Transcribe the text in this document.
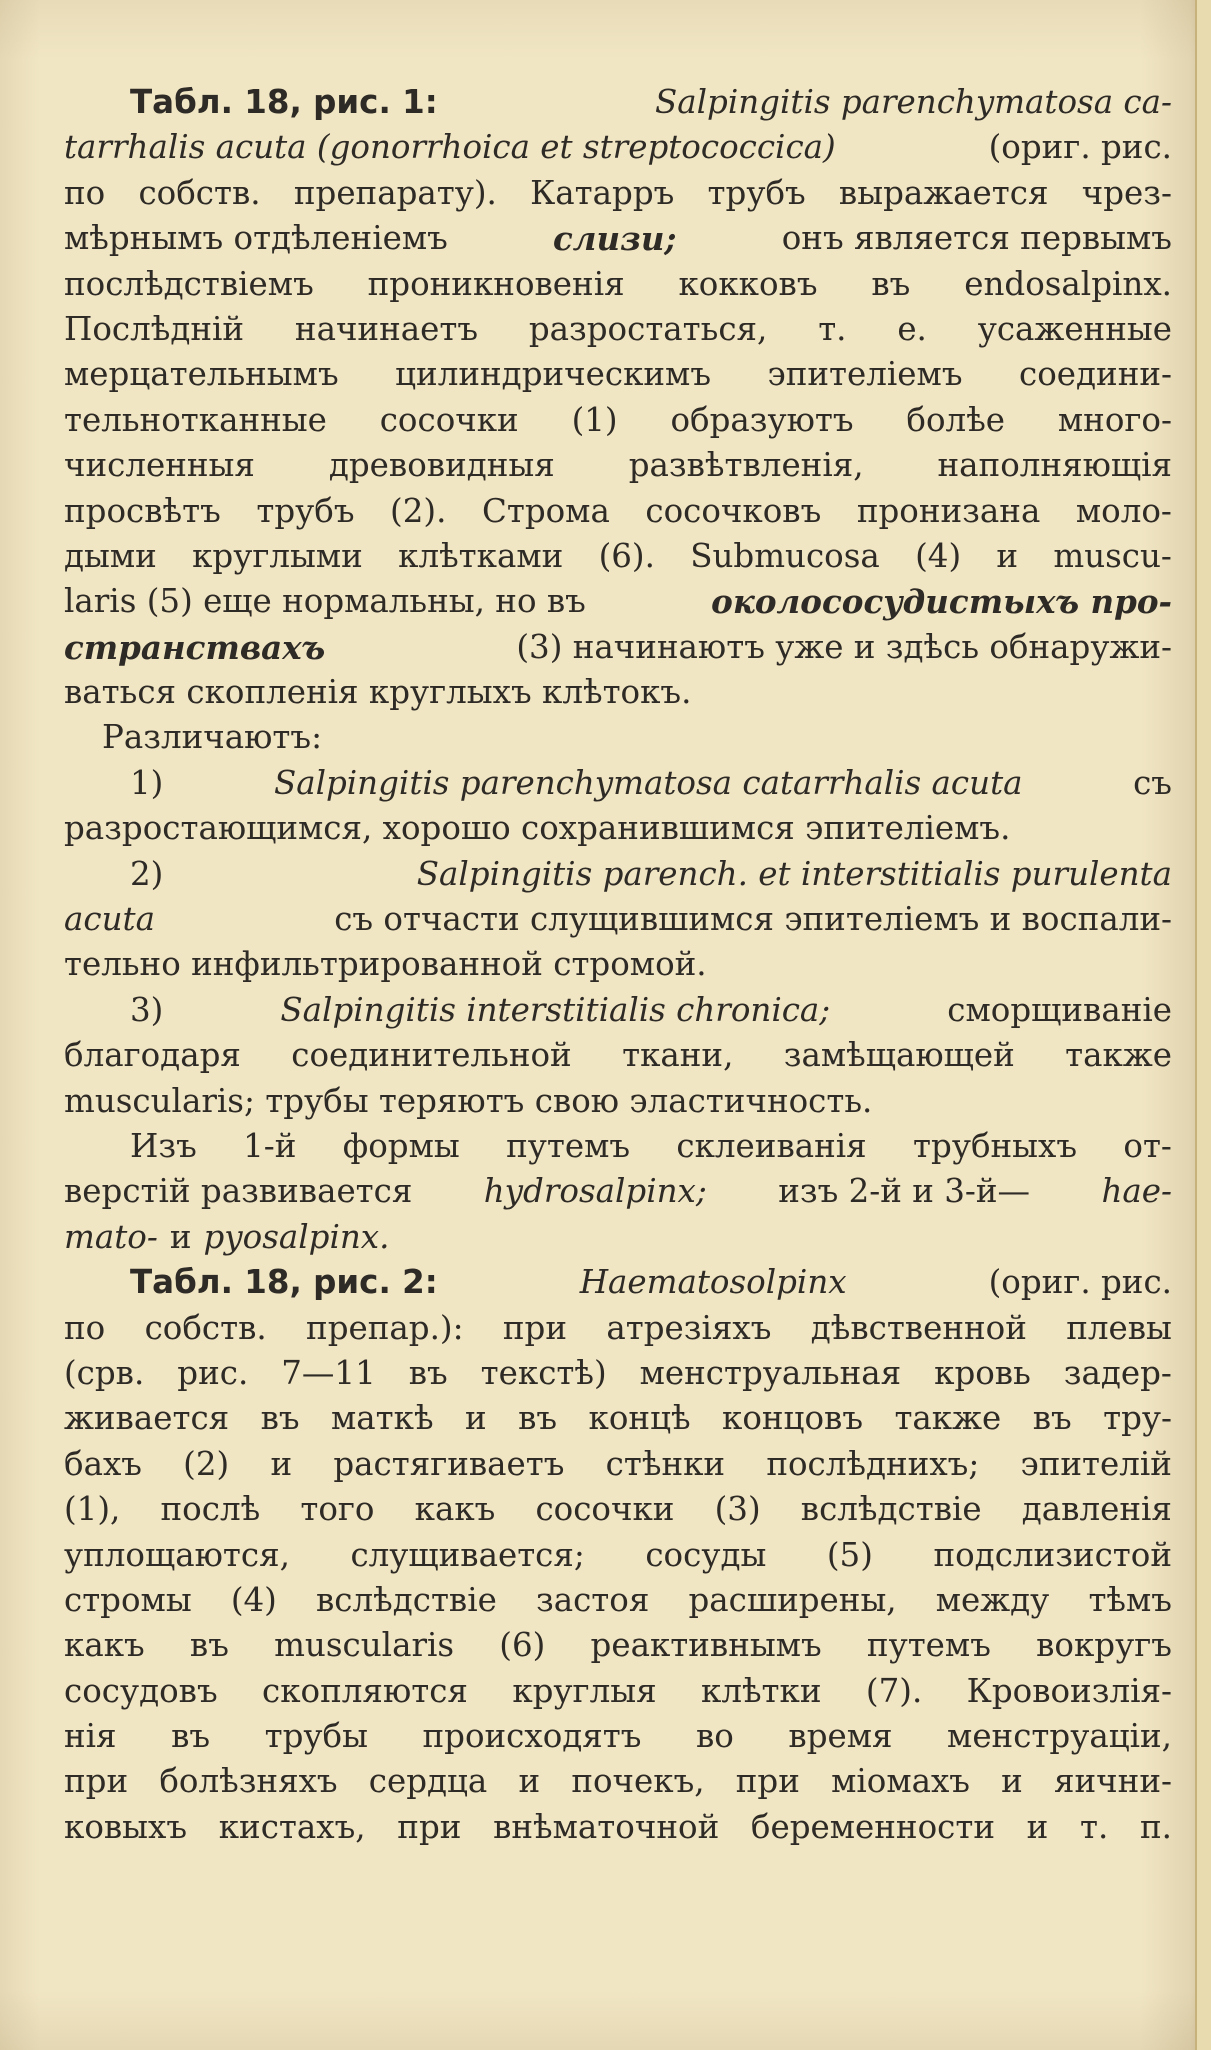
Табл. 18, рис. 1:	Salpingitis parenchymatosa ca-
tarrhalis acuta (gonorrhoica et streptococcica)	(ориг. рис.
по собств. препарату). Катарръ трубъ выражается чрез-
мѣрнымъ отдѣленіемъ	слизи;	онъ является первымъ
послѣдствіемъ проникновенія кокковъ въ endosalpinx.
Послѣдній начинаетъ разростаться, т. е. усаженные
мерцательнымъ цилиндрическимъ эпителіемъ соедини-
тельнотканные сосочки (1) образуютъ болѣе много-
численныя древовидныя развѣтвленія, наполняющія
просвѣтъ трубъ (2). Строма сосочковъ пронизана моло-
дыми круглыми клѣтками (6). Submucosa (4) и muscu-
laris (5) еще нормальны, но въ	околососудистыхъ про-
странствахъ	(3) начинаютъ уже и здѣсь обнаружи-
ваться скопленія круглыхъ клѣтокъ.
Различаютъ:
1)	Salpingitis parenchymatosa catarrhalis acuta	съ
разростающимся, хорошо сохранившимся эпителіемъ.
2)	Salpingitis parench. et interstitialis purulenta
acuta	съ отчасти слущившимся эпителіемъ и воспали-
тельно инфильтрированной стромой.
3)	Salpingitis interstitialis chronica;	сморщиваніе
благодаря соединительной ткани, замѣщающей также
muscularis; трубы теряютъ свою эластичность.
Изъ 1-й формы путемъ склеиванія трубныхъ от-
верстій развивается hydrosalpinx; изъ 2-й и 3-й— hae-
mato- и pyosalpinx.
Табл. 18, рис. 2:	Haematosolpinx	(ориг. рис.
по собств. препар.): при атрезіяхъ дѣвственной плевы
(срв. рис. 7—11 въ текстѣ) менструальная кровь задер-
живается въ маткѣ и въ концѣ концовъ также въ тру-
бахъ (2) и растягиваетъ стѣнки послѣднихъ; эпителій
(1), послѣ того какъ сосочки (3) вслѣдствіе давленія
уплощаются, слущивается; сосуды (5) подслизистой
стромы (4) вслѣдствіе застоя расширены, между тѣмъ
какъ въ muscularis (6) реактивнымъ путемъ вокругъ
сосудовъ скопляются круглыя клѣтки (7). Кровоизлія-
нія въ трубы происходятъ во время менструаціи,
при болѣзняхъ сердца и почекъ, при міомахъ и яични-
ковыхъ кистахъ, при внѣматочной беременности и т. п.
